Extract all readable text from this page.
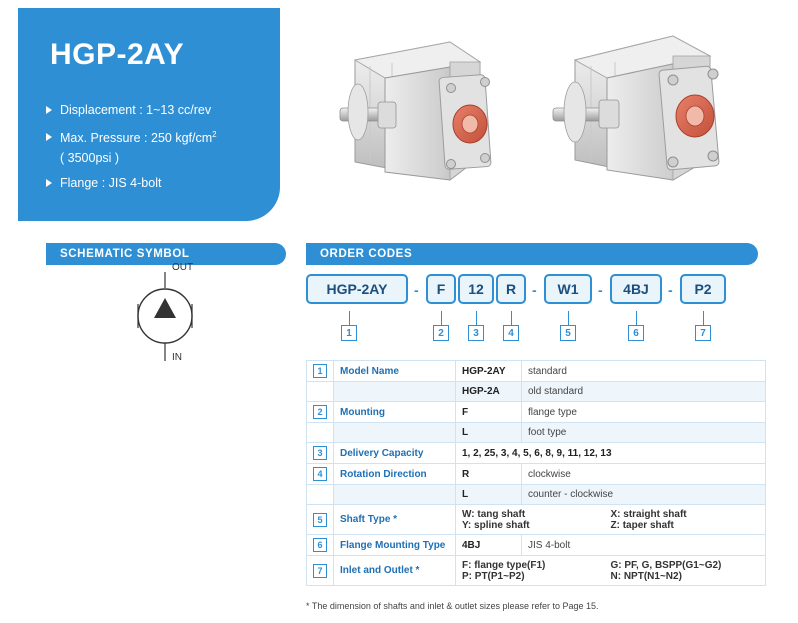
HGP-2AY
Displacement : 1~13 cc/rev
Max. Pressure : 250 kgf/$cm^2$
( 3500psi )
Flange : JIS 4-bolt
SCHEMATIC SYMBOL	ORDER CODES
OUT
IN
HGP-2AY	-	F	12	R	-	W1	-	4BJ	-	P2
1	2	3	4	5	6	7
1	Model Name	HGP-2AY	standard
		HGP-2A	old standard
2	Mounting	F	flange type
		L	foot type
3	Delivery Capacity	1, 2, 25, 3, 4, 5, 6, 8, 9, 11, 12, 13	
4	Rotation Direction	R	clockwise
		L	counter - clockwise
5	Shaft Type *	W: tang shaft X: straight shaft
Y: spline shaft Z: taper shaft	

6	Flange Mounting Type	4BJ	JIS 4-bolt
7	Inlet and Outlet *	F: flange type(F1) G: PF, G, BSPP(G1~G2)
P: PT(P1~P2) N: NPT(N1~N2)	
* The dimension of shafts and inlet & outlet sizes please refer to Page 15.
